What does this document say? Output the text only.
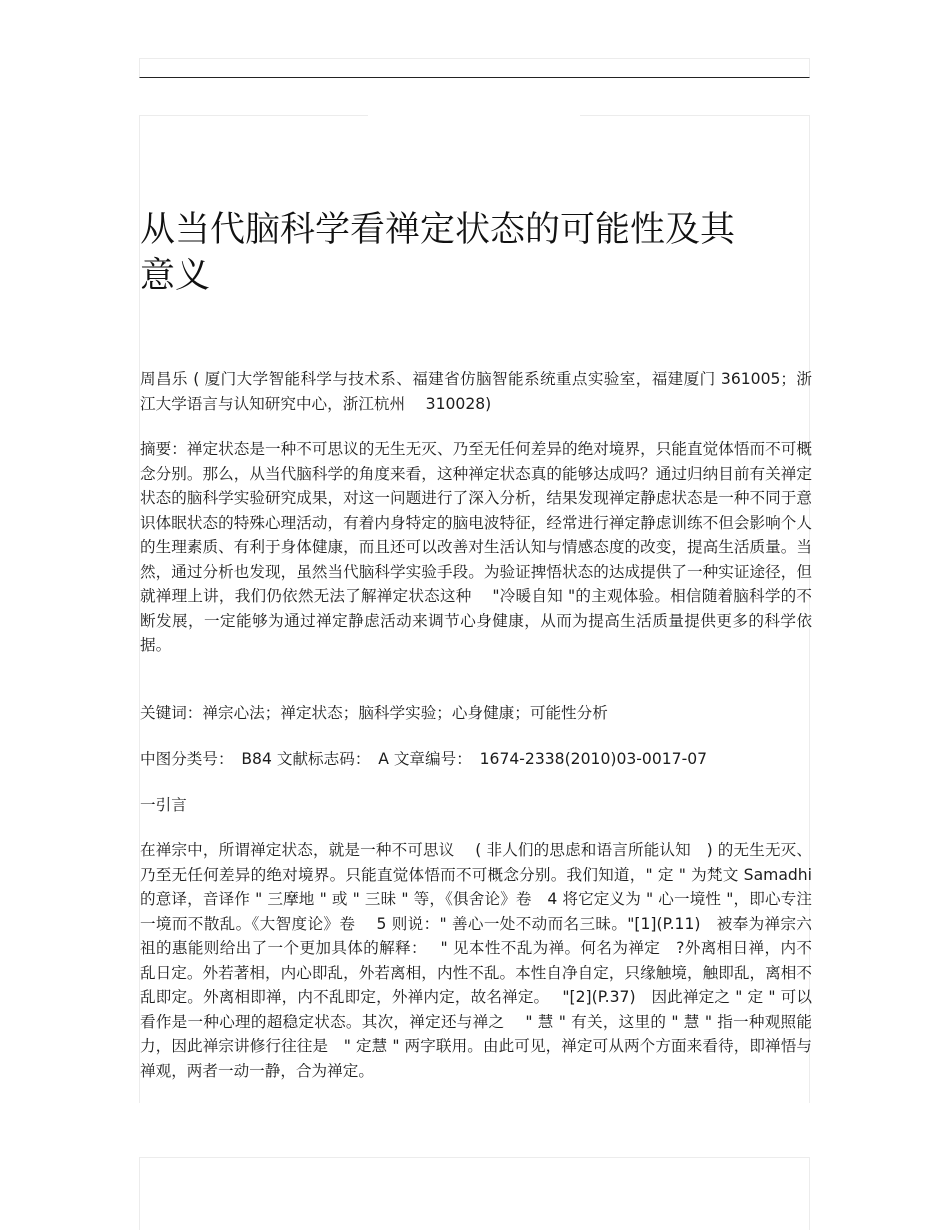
从当代脑科学看禅定状态的可能性及其意义

周昌乐 ( 厦门大学智能科学与技术系、福建省仿脑智能系统重点实验室，福建厦门 361005；浙江大学语言与认知研究中心，浙江杭州　 310028)

摘要：禅定状态是一种不可思议的无生无灭、乃至无任何差异的绝对境界，只能直觉体悟而不可概念分别。那么，从当代脑科学的角度来看，这种禅定状态真的能够达成吗？通过归纳目前有关禅定状态的脑科学实验研究成果，对这一问题进行了深入分析，结果发现禅定静虑状态是一种不同于意识体眠状态的特殊心理活动，有着内身特定的脑电波特征，经常进行禅定静虑训练不但会影响个人的生理素质、有利于身体健康，而且还可以改善对生活认知与情感态度的改变，提高生活质量。当然，通过分析也发现，虽然当代脑科学实验手段。为验证捭悟状态的达成提供了一种实证途径，但就禅理上讲，我们仍依然无法了解禅定状态这种　 "冷暖自知 "的主观体验。相信随着脑科学的不断发展，一定能够为通过禅定静虑活动来调节心身健康，从而为提高生活质量提供更多的科学依据。

关键词：禅宗心法；禅定状态；脑科学实验；心身健康；可能性分析

中图分类号：　B84 文献标志码：　A 文章编号：　1674-2338(2010)03-0017-07

一引言

在禅宗中，所谓禅定状态，就是一种不可思议　 ( 非人们的思虑和语言所能认知　) 的无生无灭、乃至无任何差异的绝对境界。只能直觉体悟而不可概念分别。我们知道，" 定 " 为梵文 Samadhi 的意译，音译作 " 三摩地 " 或 " 三昧 " 等，《俱舍论》卷　4 将它定义为 " 心一境性 "，即心专注一境而不散乱。《大智度论》卷　 5 则说：" 善心一处不动而名三昧。"[1](P.11)　被奉为禅宗六祖的惠能则给出了一个更加具体的解释：　 " 见本性不乱为禅。何名为禅定　?外离相日禅，内不乱日定。外若著相，内心即乱，外若离相，内性不乱。本性自净自定，只缘触境，触即乱，离相不乱即定。外离相即禅，内不乱即定，外禅内定，故名禅定。　 "[2](P.37)　因此禅定之 " 定 " 可以看作是一种心理的超稳定状态。其次，禅定还与禅之　 " 慧 " 有关，这里的 " 慧 " 指一种观照能力，因此禅宗讲修行往往是　" 定慧 " 两字联用。由此可见，禅定可从两个方面来看待，即禅悟与禅观，两者一动一静，合为禅定。
